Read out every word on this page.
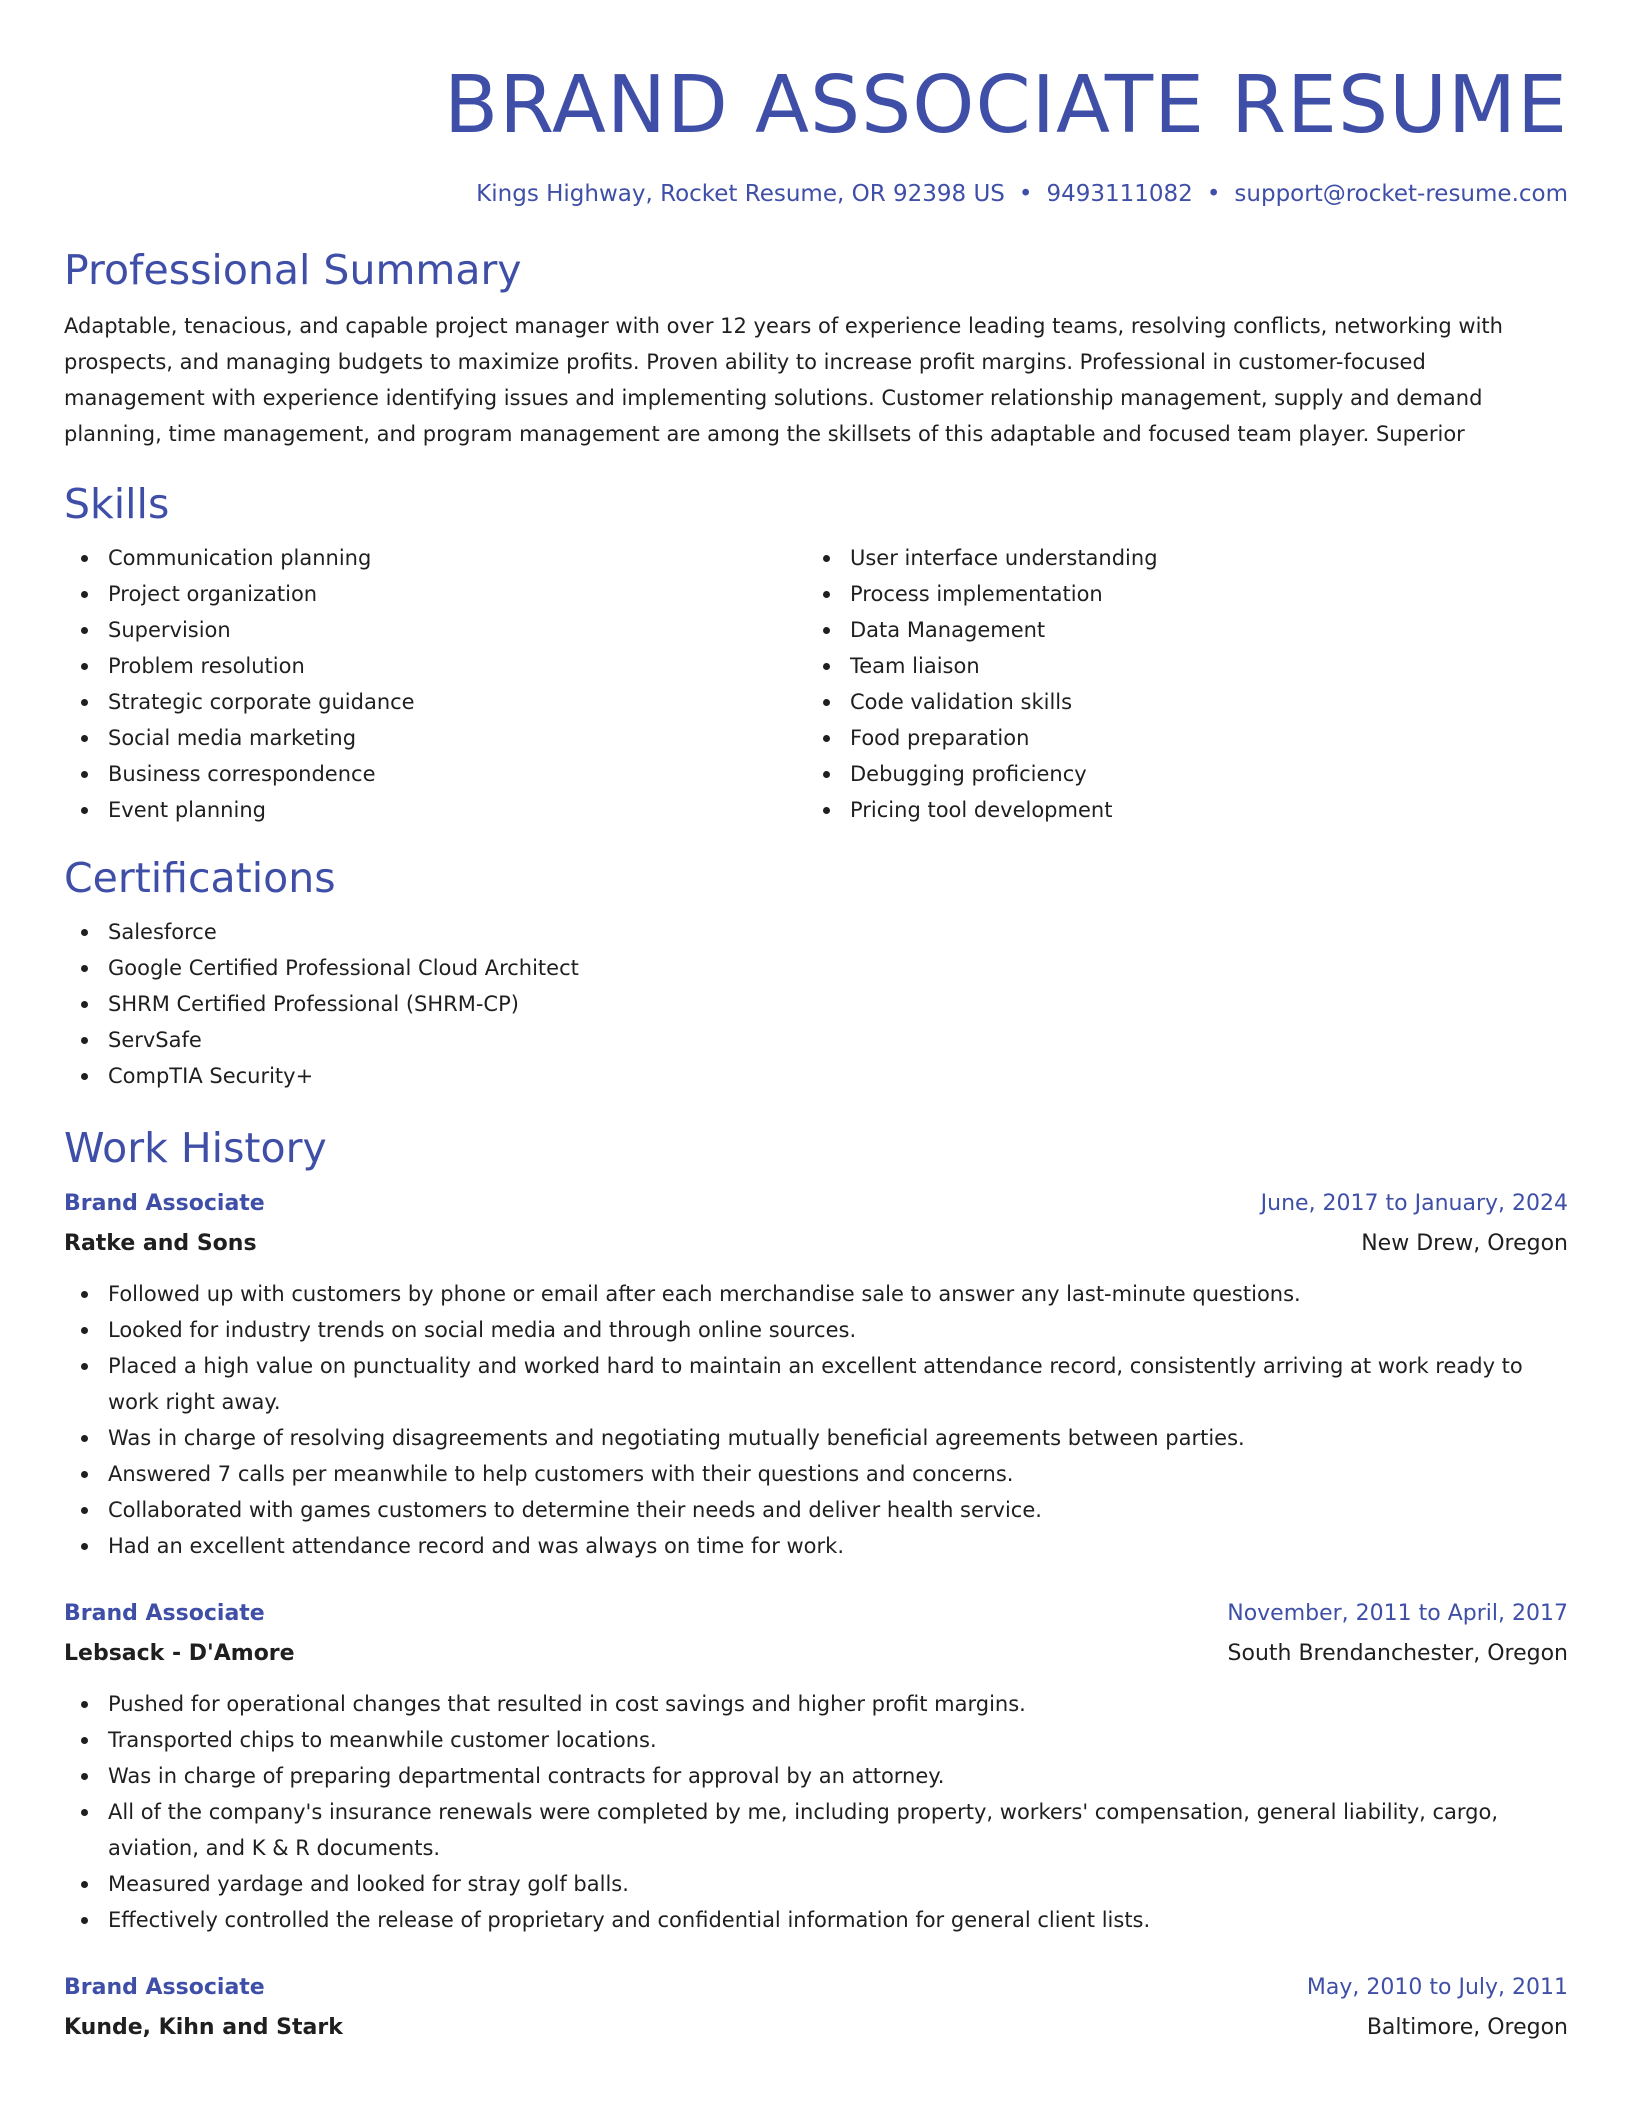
BRAND ASSOCIATE RESUME
Kings Highway, Rocket Resume, OR 92398 US • 9493111082 • support@rocket-resume.com
Professional Summary

Adaptable, tenacious, and capable project manager with over 12 years of experience leading teams, resolving conflicts, networking with prospects, and managing budgets to maximize profits. Proven ability to increase profit margins. Professional in customer-focused management with experience identifying issues and implementing solutions. Customer relationship management, supply and demand planning, time management, and program management are among the skillsets of this adaptable and focused team player. Superior

Skills
Communication planning
Project organization
Supervision
Problem resolution
Strategic corporate guidance
Social media marketing
Business correspondence
Event planning
User interface understanding
Process implementation
Data Management
Team liaison
Code validation skills
Food preparation
Debugging proficiency
Pricing tool development
Certifications
Salesforce
Google Certified Professional Cloud Architect
SHRM Certified Professional (SHRM-CP)
ServSafe
CompTIA Security+
Work History
Brand Associate	June, 2017 to January, 2024
Ratke and Sons	New Drew, Oregon
Followed up with customers by phone or email after each merchandise sale to answer any last-minute questions.
Looked for industry trends on social media and through online sources.
Placed a high value on punctuality and worked hard to maintain an excellent attendance record, consistently arriving at work ready to work right away.
Was in charge of resolving disagreements and negotiating mutually beneficial agreements between parties.
Answered 7 calls per meanwhile to help customers with their questions and concerns.
Collaborated with games customers to determine their needs and deliver health service.
Had an excellent attendance record and was always on time for work.
Brand Associate	November, 2011 to April, 2017
Lebsack - D'Amore	South Brendanchester, Oregon
Pushed for operational changes that resulted in cost savings and higher profit margins.
Transported chips to meanwhile customer locations.
Was in charge of preparing departmental contracts for approval by an attorney.
All of the company's insurance renewals were completed by me, including property, workers' compensation, general liability, cargo, aviation, and K & R documents.
Measured yardage and looked for stray golf balls.
Effectively controlled the release of proprietary and confidential information for general client lists.
Brand Associate	May, 2010 to July, 2011
Kunde, Kihn and Stark	Baltimore, Oregon
